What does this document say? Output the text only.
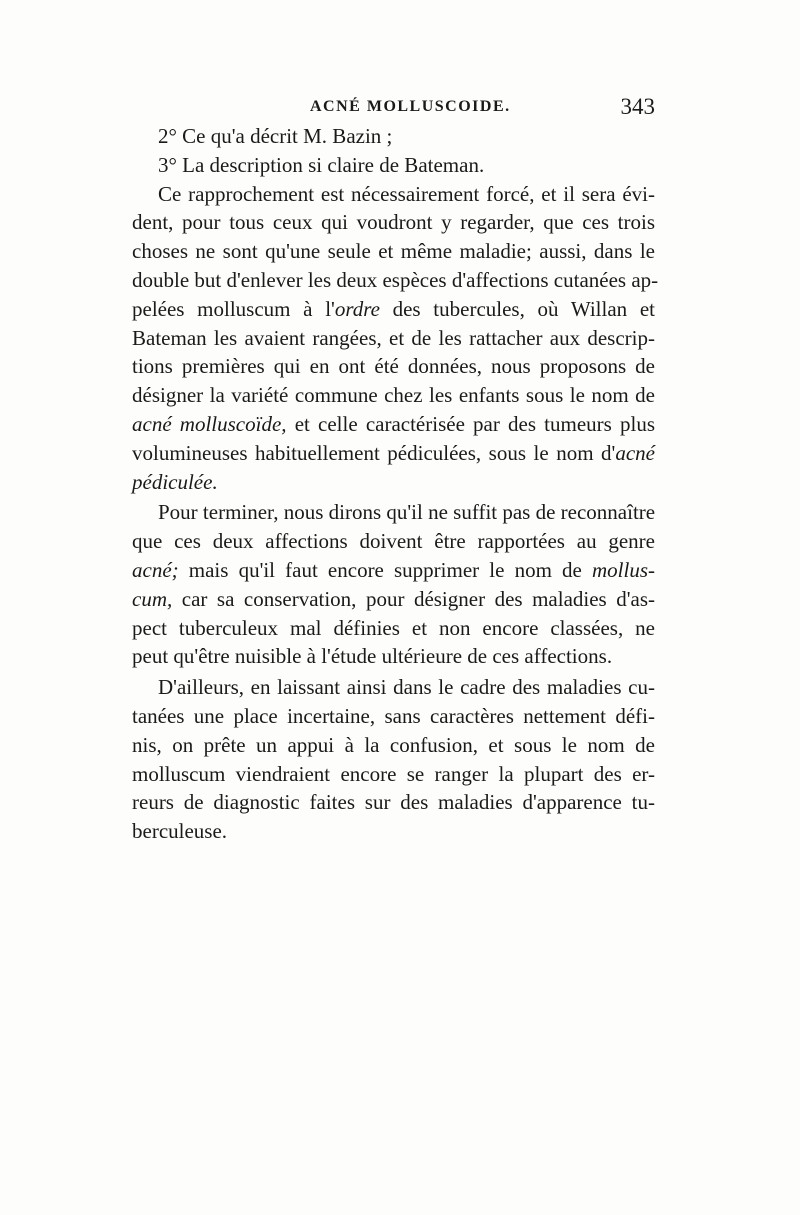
ACNÉ MOLLUSCOIDE.	343
2° Ce qu'a décrit M. Bazin ;
3° La description si claire de Bateman.
Ce rapprochement est nécessairement forcé, et il sera évi-
dent, pour tous ceux qui voudront y regarder, que ces trois
choses ne sont qu'une seule et même maladie; aussi, dans le
double but d'enlever les deux espèces d'affections cutanées ap-
pelées molluscum à l'ordre des tubercules, où Willan et
Bateman les avaient rangées, et de les rattacher aux descrip-
tions premières qui en ont été données, nous proposons de
désigner la variété commune chez les enfants sous le nom de
acné molluscoïde, et celle caractérisée par des tumeurs plus
volumineuses habituellement pédiculées, sous le nom d'acné
pédiculée.
Pour terminer, nous dirons qu'il ne suffit pas de reconnaître
que ces deux affections doivent être rapportées au genre
acné; mais qu'il faut encore supprimer le nom de mollus-
cum, car sa conservation, pour désigner des maladies d'as-
pect tuberculeux mal définies et non encore classées, ne
peut qu'être nuisible à l'étude ultérieure de ces affections.
D'ailleurs, en laissant ainsi dans le cadre des maladies cu-
tanées une place incertaine, sans caractères nettement défi-
nis, on prête un appui à la confusion, et sous le nom de
molluscum viendraient encore se ranger la plupart des er-
reurs de diagnostic faites sur des maladies d'apparence tu-
berculeuse.
